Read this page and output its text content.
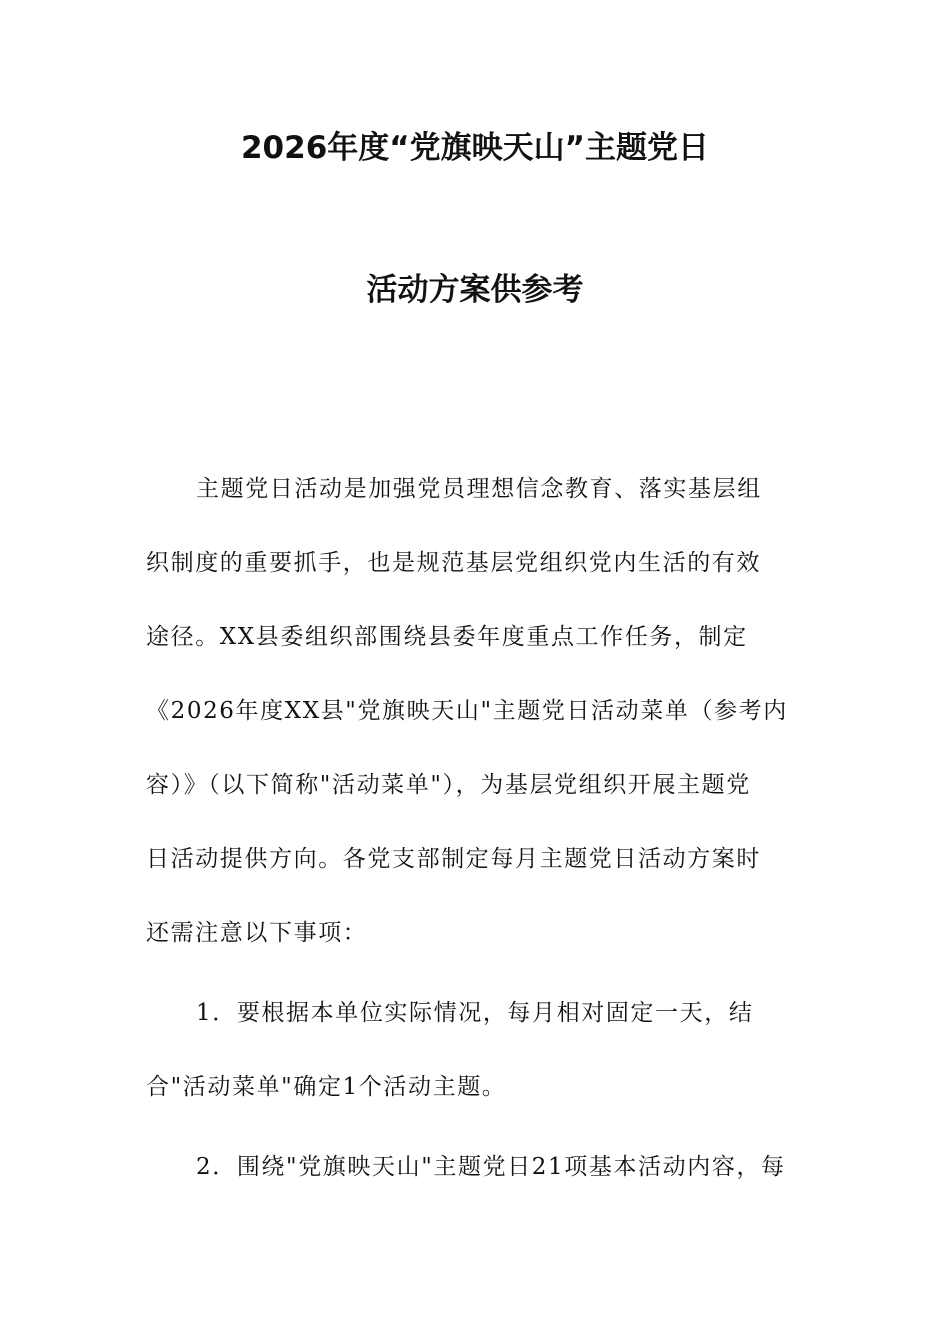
2026年度“党旗映天山”主题党日
活动方案供参考
主题党日活动是加强党员理想信念教育、落实基层组
织制度的重要抓手，也是规范基层党组织党内生活的有效
途径。XX县委组织部围绕县委年度重点工作任务，制定
《2026年度XX县"党旗映天山"主题党日活动菜单（参考内
容）》（以下简称"活动菜单"），为基层党组织开展主题党
日活动提供方向。各党支部制定每月主题党日活动方案时
还需注意以下事项：
1．要根据本单位实际情况，每月相对固定一天，结
合"活动菜单"确定1个活动主题。
2．围绕"党旗映天山"主题党日21项基本活动内容，每
